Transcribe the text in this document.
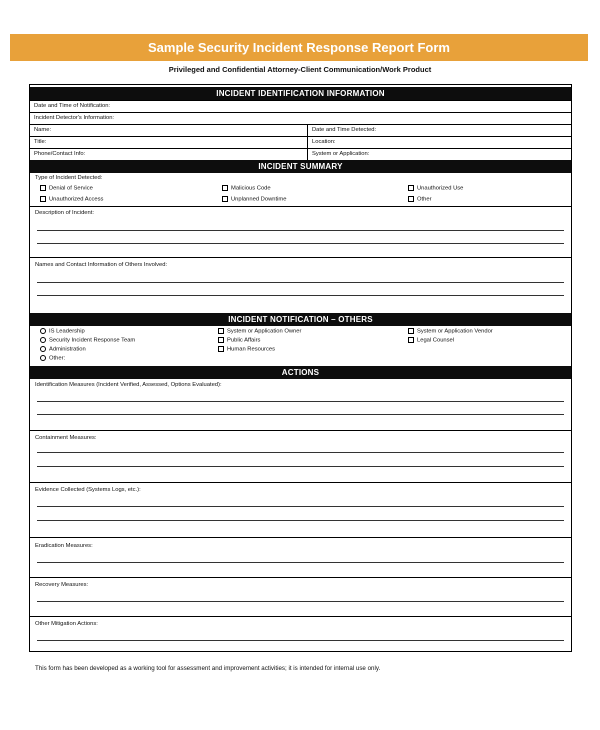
Sample Security Incident Response Report Form
Privileged and Confidential Attorney-Client Communication/Work Product
INCIDENT IDENTIFICATION INFORMATION
Date and Time of Notification:
Incident Detector's Information:
Name:	Date and Time Detected:
Title:	Location:
Phone/Contact Info:	System or Application:
INCIDENT SUMMARY
Type of Incident Detected:
Denial of Service	Malicious Code	Unauthorized Use
Unauthorized Access	Unplanned Downtime	Other
Description of Incident:
Names and Contact Information of Others Involved:
INCIDENT NOTIFICATION – OTHERS
IS Leadership
Security Incident Response Team
Administration
Other:
System or Application Owner
Public Affairs
Human Resources
System or Application Vendor
Legal Counsel
ACTIONS
Identification Measures (Incident Verified, Assessed, Options Evaluated):
Containment Measures:
Evidence Collected (Systems Logs, etc.):
Eradication Measures:
Recovery Measures:
Other Mitigation Actions:
This form has been developed as a working tool for assessment and improvement activities; it is intended for internal use only.
